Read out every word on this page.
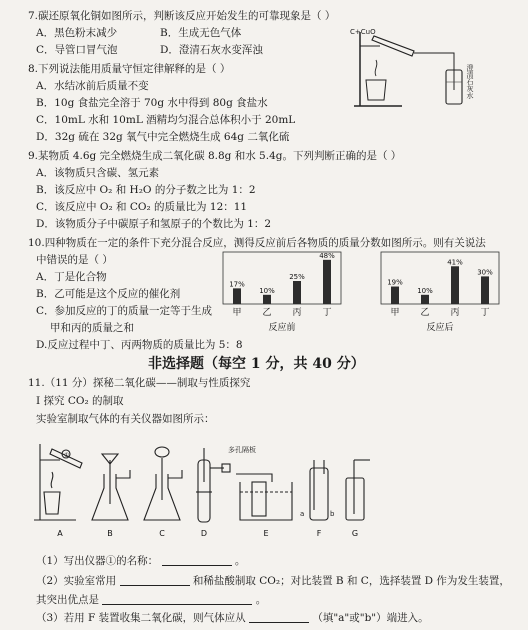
7.碳还原氧化铜如图所示，判断该反应开始发生的可靠现象是（ ）
A．黑色粉末减少	B．生成无色气体
C．导管口冒气泡	D．澄清石灰水变浑浊
C+CuO
澄清石灰水
8.下列说法能用质量守恒定律解释的是（ ）
A．水结冰前后质量不变
B．10g 食盐完全溶于 70g 水中得到 80g 食盐水
C．10mL 水和 10mL 酒精均匀混合总体积小于 20mL
D．32g 硫在 32g 氧气中完全燃烧生成 64g 二氧化硫
9.某物质 4.6g 完全燃烧生成二氧化碳 8.8g 和水 5.4g。下列判断正确的是（ ）
A．该物质只含碳、氢元素
B．该反应中 O₂ 和 H₂O 的分子数之比为 1：2
C．该反应中 O₂ 和 CO₂ 的质量比为 12：11
D．该物质分子中碳原子和氢原子的个数比为 1：2
10.四种物质在一定的条件下充分混合反应，测得反应前后各物质的质量分数如图所示。则有关说法
中错误的是（ ）
A．丁是化合物
B．乙可能是这个反应的催化剂
C．参加反应的丁的质量一定等于生成
甲和丙的质量之和
D.反应过程中丁、丙两物质的质量比为 5：8
17%
甲
10%
乙
25%
丙
48%
丁
反应前
19%
甲
10%
乙
41%
丙
30%
丁
反应后
非选择题（每空 1 分，共 40 分）
11.（11 分）探秘二氧化碳——制取与性质探究
Ⅰ 探究 CO₂ 的制取
实验室制取气体的有关仪器如图所示：
①
多孔隔板
a	b
A	B	C	D	E	F	G
（1）写出仪器①的名称：	。
（2）实验室常用	和稀盐酸制取 CO₂；对比装置 B 和 C，选择装置 D 作为发生装置，
其突出优点是	。
（3）若用 F 装置收集二氧化碳，则气体应从	（填"a"或"b"）端进入。
